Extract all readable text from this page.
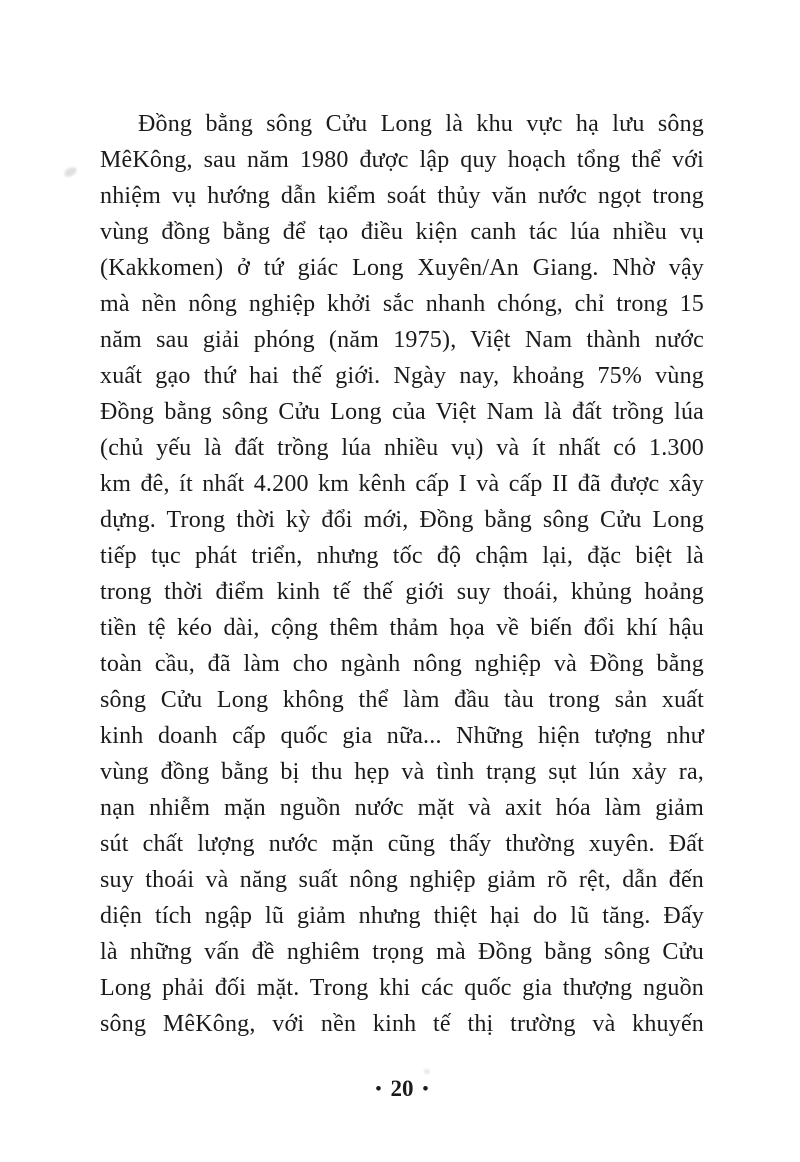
Đồng bằng sông Cửu Long là khu vực hạ lưu sông
MêKông, sau năm 1980 được lập quy hoạch tổng thể với
nhiệm vụ hướng dẫn kiểm soát thủy văn nước ngọt trong
vùng đồng bằng để tạo điều kiện canh tác lúa nhiều vụ
(Kakkomen) ở tứ giác Long Xuyên/An Giang. Nhờ vậy
mà nền nông nghiệp khởi sắc nhanh chóng, chỉ trong 15
năm sau giải phóng (năm 1975), Việt Nam thành nước
xuất gạo thứ hai thế giới. Ngày nay, khoảng 75% vùng
Đồng bằng sông Cửu Long của Việt Nam là đất trồng lúa
(chủ yếu là đất trồng lúa nhiều vụ) và ít nhất có 1.300
km đê, ít nhất 4.200 km kênh cấp I và cấp II đã được xây
dựng. Trong thời kỳ đổi mới, Đồng bằng sông Cửu Long
tiếp tục phát triển, nhưng tốc độ chậm lại, đặc biệt là
trong thời điểm kinh tế thế giới suy thoái, khủng hoảng
tiền tệ kéo dài, cộng thêm thảm họa về biến đổi khí hậu
toàn cầu, đã làm cho ngành nông nghiệp và Đồng bằng
sông Cửu Long không thể làm đầu tàu trong sản xuất
kinh doanh cấp quốc gia nữa... Những hiện tượng như
vùng đồng bằng bị thu hẹp và tình trạng sụt lún xảy ra,
nạn nhiễm mặn nguồn nước mặt và axit hóa làm giảm
sút chất lượng nước mặn cũng thấy thường xuyên. Đất
suy thoái và năng suất nông nghiệp giảm rõ rệt, dẫn đến
diện tích ngập lũ giảm nhưng thiệt hại do lũ tăng. Đấy
là những vấn đề nghiêm trọng mà Đồng bằng sông Cửu
Long phải đối mặt. Trong khi các quốc gia thượng nguồn
sông MêKông, với nền kinh tế thị trường và khuyến
• 20 •
